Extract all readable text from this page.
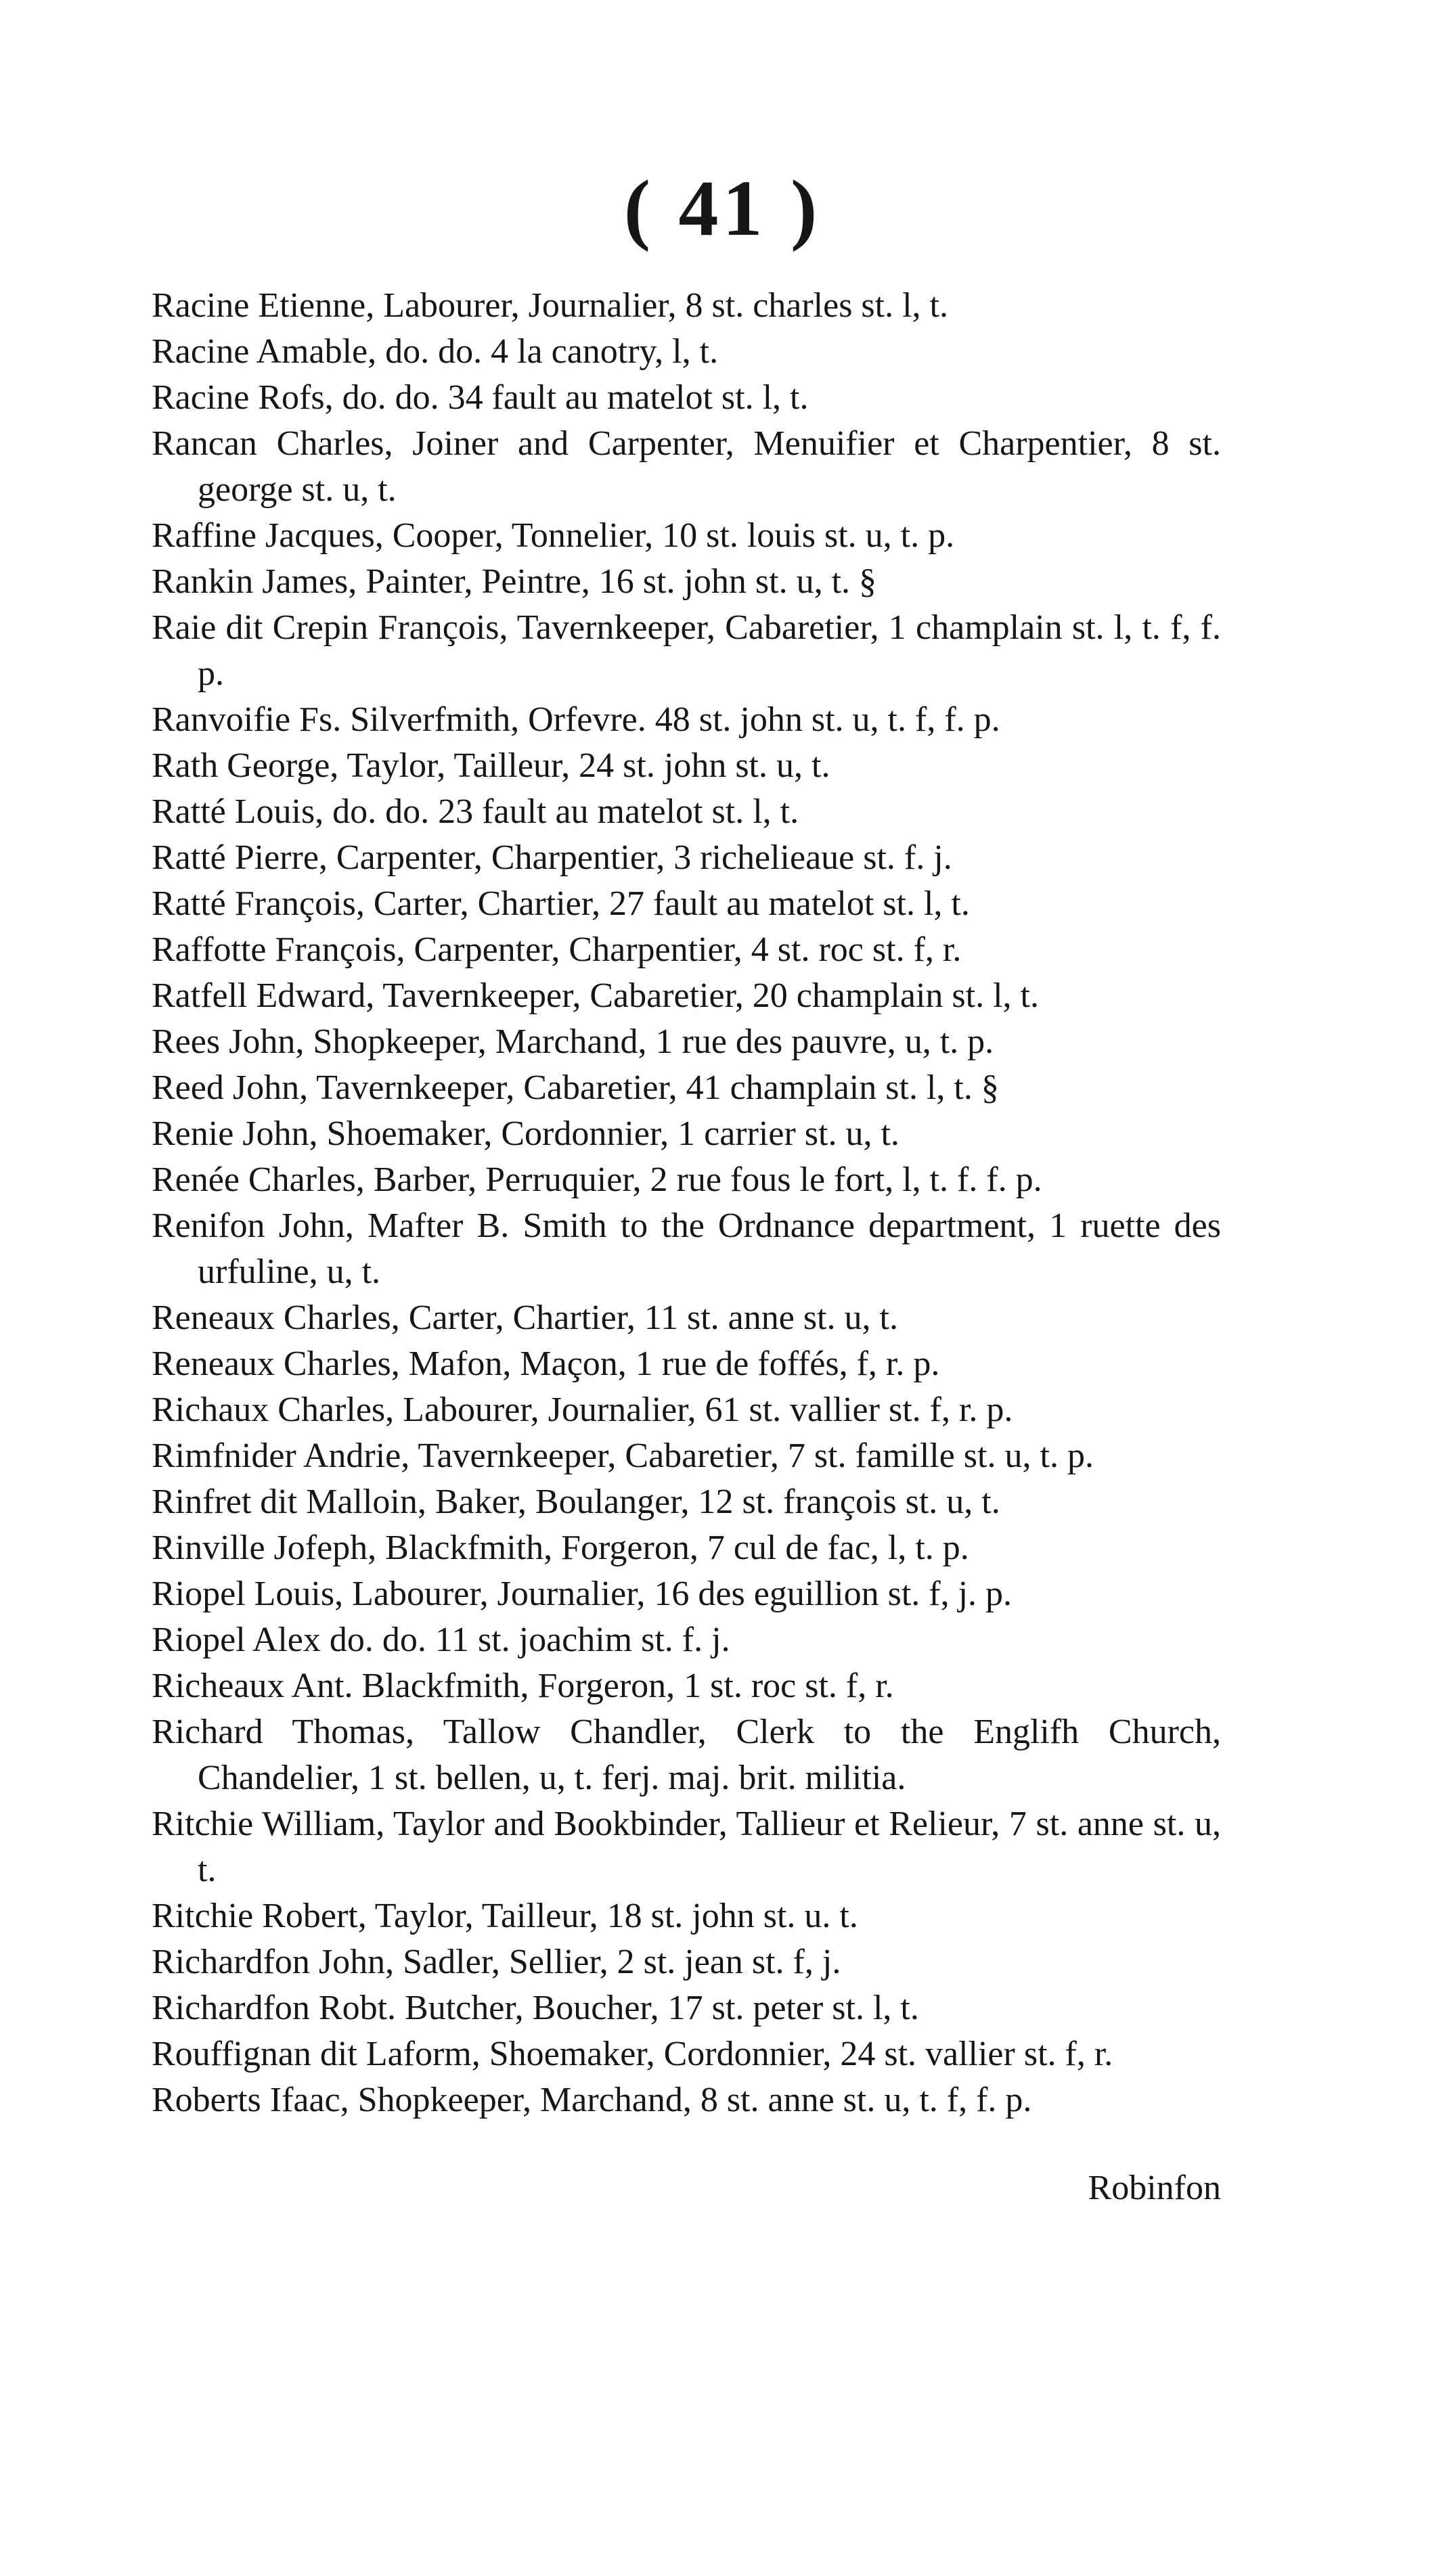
( 41 )
Racine Etienne, Labourer, Journalier, 8 st. charles st. l, t.
Racine Amable, do. do. 4 la canotry, l, t.
Racine Rofs, do. do. 34 fault au matelot st. l, t.
Rancan Charles, Joiner and Carpenter, Menuifier et Charpentier, 8 st. george st. u, t.
Raffine Jacques, Cooper, Tonnelier, 10 st. louis st. u, t. p.
Rankin James, Painter, Peintre, 16 st. john st. u, t. §
Raie dit Crepin François, Tavernkeeper, Cabaretier, 1 champlain st. l, t. f, f. p.
Ranvoifie Fs. Silverfmith, Orfevre. 48 st. john st. u, t. f, f. p.
Rath George, Taylor, Tailleur, 24 st. john st. u, t.
Ratté Louis, do. do. 23 fault au matelot st. l, t.
Ratté Pierre, Carpenter, Charpentier, 3 richelieaue st. f. j.
Ratté François, Carter, Chartier, 27 fault au matelot st. l, t.
Raffotte François, Carpenter, Charpentier, 4 st. roc st. f, r.
Ratfell Edward, Tavernkeeper, Cabaretier, 20 champlain st. l, t.
Rees John, Shopkeeper, Marchand, 1 rue des pauvre, u, t. p.
Reed John, Tavernkeeper, Cabaretier, 41 champlain st. l, t. §
Renie John, Shoemaker, Cordonnier, 1 carrier st. u, t.
Renée Charles, Barber, Perruquier, 2 rue fous le fort, l, t. f. f. p.
Renifon John, Mafter B. Smith to the Ordnance department, 1 ruette des urfuline, u, t.
Reneaux Charles, Carter, Chartier, 11 st. anne st. u, t.
Reneaux Charles, Mafon, Maçon, 1 rue de foffés, f, r. p.
Richaux Charles, Labourer, Journalier, 61 st. vallier st. f, r. p.
Rimfnider Andrie, Tavernkeeper, Cabaretier, 7 st. famille st. u, t. p.
Rinfret dit Malloin, Baker, Boulanger, 12 st. françois st. u, t.
Rinville Jofeph, Blackfmith, Forgeron, 7 cul de fac, l, t. p.
Riopel Louis, Labourer, Journalier, 16 des eguillion st. f, j. p.
Riopel Alex do. do. 11 st. joachim st. f. j.
Richeaux Ant. Blackfmith, Forgeron, 1 st. roc st. f, r.
Richard Thomas, Tallow Chandler, Clerk to the Englifh Church, Chandelier, 1 st. bellen, u, t. ferj. maj. brit. militia.
Ritchie William, Taylor and Bookbinder, Tallieur et Relieur, 7 st. anne st. u, t.
Ritchie Robert, Taylor, Tailleur, 18 st. john st. u. t.
Richardfon John, Sadler, Sellier, 2 st. jean st. f, j.
Richardfon Robt. Butcher, Boucher, 17 st. peter st. l, t.
Rouffignan dit Laform, Shoemaker, Cordonnier, 24 st. vallier st. f, r.
Roberts Ifaac, Shopkeeper, Marchand, 8 st. anne st. u, t. f, f. p.
Robinfon
